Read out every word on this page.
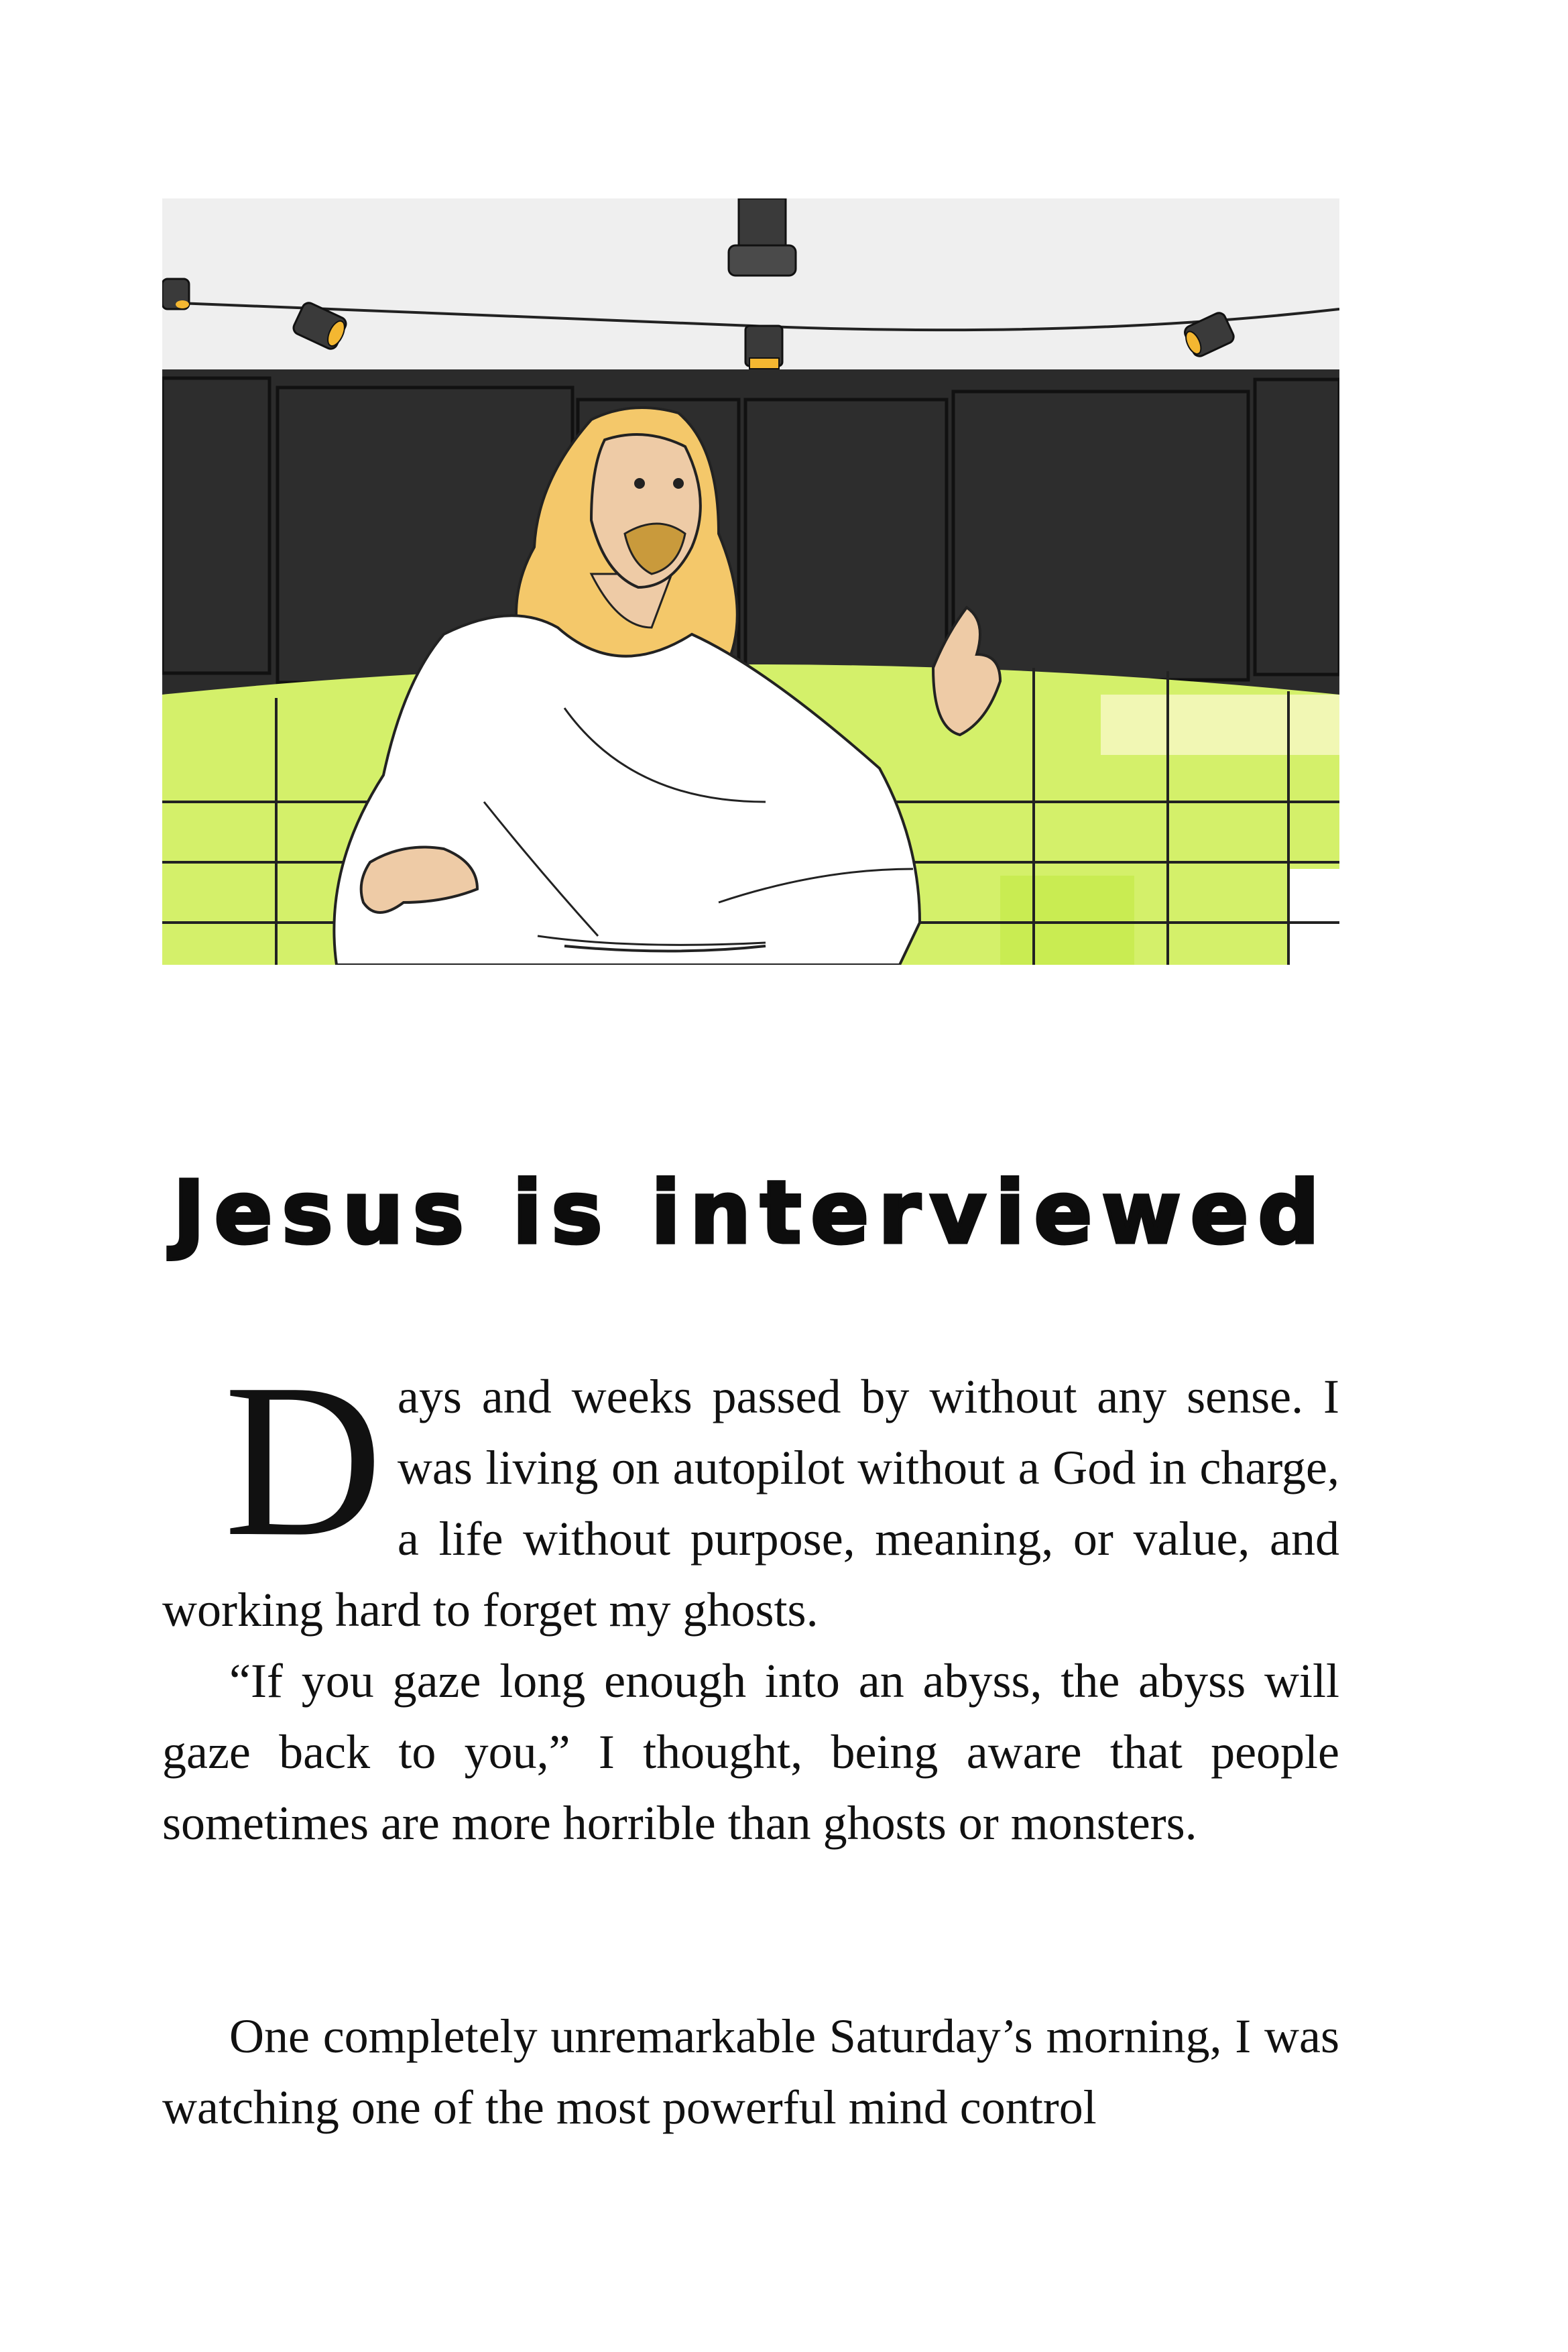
Jesus is interviewed

Days and weeks passed by without any sense. I was living on autopilot without a God in charge, a life without purpose, meaning, or value, and working hard to forget my ghosts.

“If you gaze long enough into an abyss, the abyss will gaze back to you,” I thought, being aware that people sometimes are more horrible than ghosts or monsters.

One completely unremarkable Saturday’s morning, I was watching one of the most powerful mind control
